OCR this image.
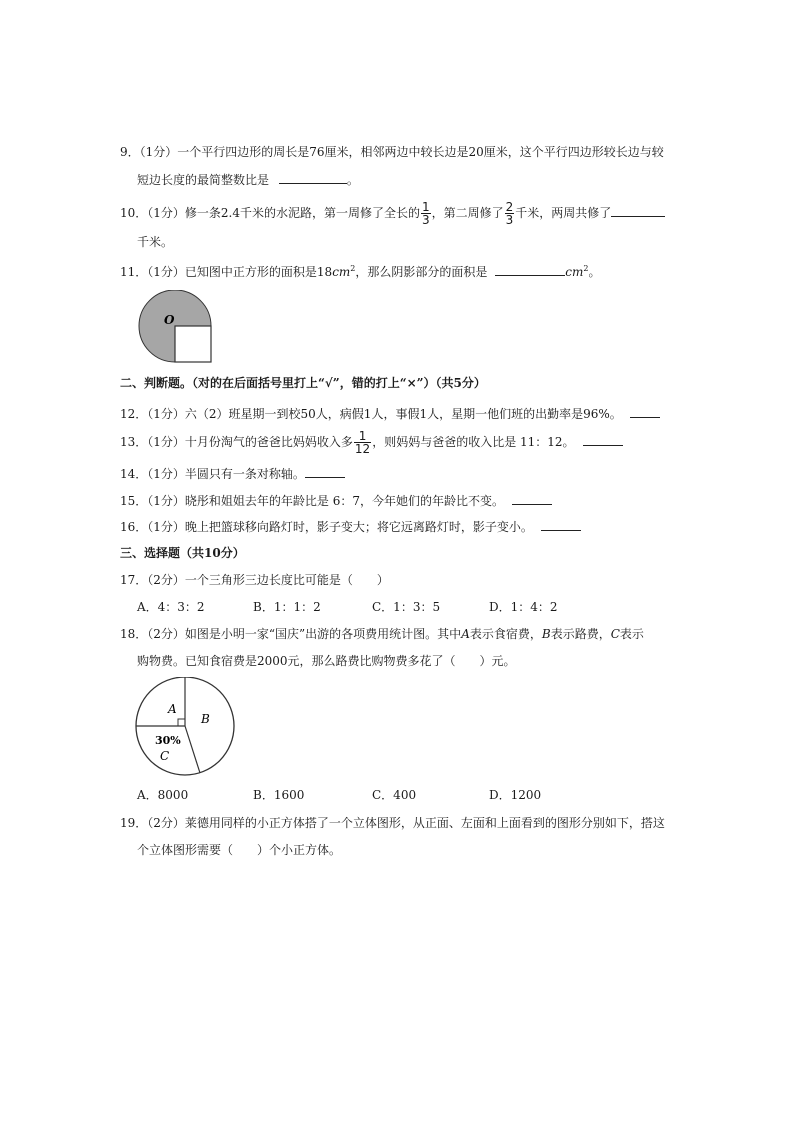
9．（1分）一个平行四边形的周长是76厘米，相邻两边中较长边是20厘米，这个平行四边形较长边与较
短边长度的最简整数比是	。
10．（1分）修一条2.4千米的水泥路，第一周修了全长的 $\frac{1}{3}$ ，第二周修了 $\frac{2}{3}$ 千米，两周共修了
千米。
11．（1分）已知图中正方形的面积是$18cm^2$，那么阴影部分的面积是	$cm^2$。
O
二、判断题。（对的在后面括号里打上“√”，错的打上“×”）（共5分）
12．（1分）六（2）班星期一到校50人，病假1人，事假1人，星期一他们班的出勤率是96%。
13．（1分）十月份淘气的爸爸比妈妈收入多 $\frac{1}{12}$ ，则妈妈与爸爸的收入比是 11：12。
14．（1分）半圆只有一条对称轴。
15．（1分）晓彤和姐姐去年的年龄比是 6：7，今年她们的年龄比不变。
16．（1分）晚上把篮球移向路灯时，影子变大；将它远离路灯时，影子变小。
三、选择题（共10分）
17．（2分）一个三角形三边长度比可能是（　　）
A．4：3：2	B．1：1：2	C．1：3：5	D．1：4：2
18．（2分）如图是小明一家“国庆”出游的各项费用统计图。其中A表示食宿费，B表示路费，C表示
购物费。已知食宿费是2000元，那么路费比购物费多花了（　　）元。
A
B
30%
C
A．8000	B．1600	C．400	D．1200
19．（2分）莱德用同样的小正方体搭了一个立体图形，从正面、左面和上面看到的图形分别如下，搭这
个立体图形需要（　　）个小正方体。
